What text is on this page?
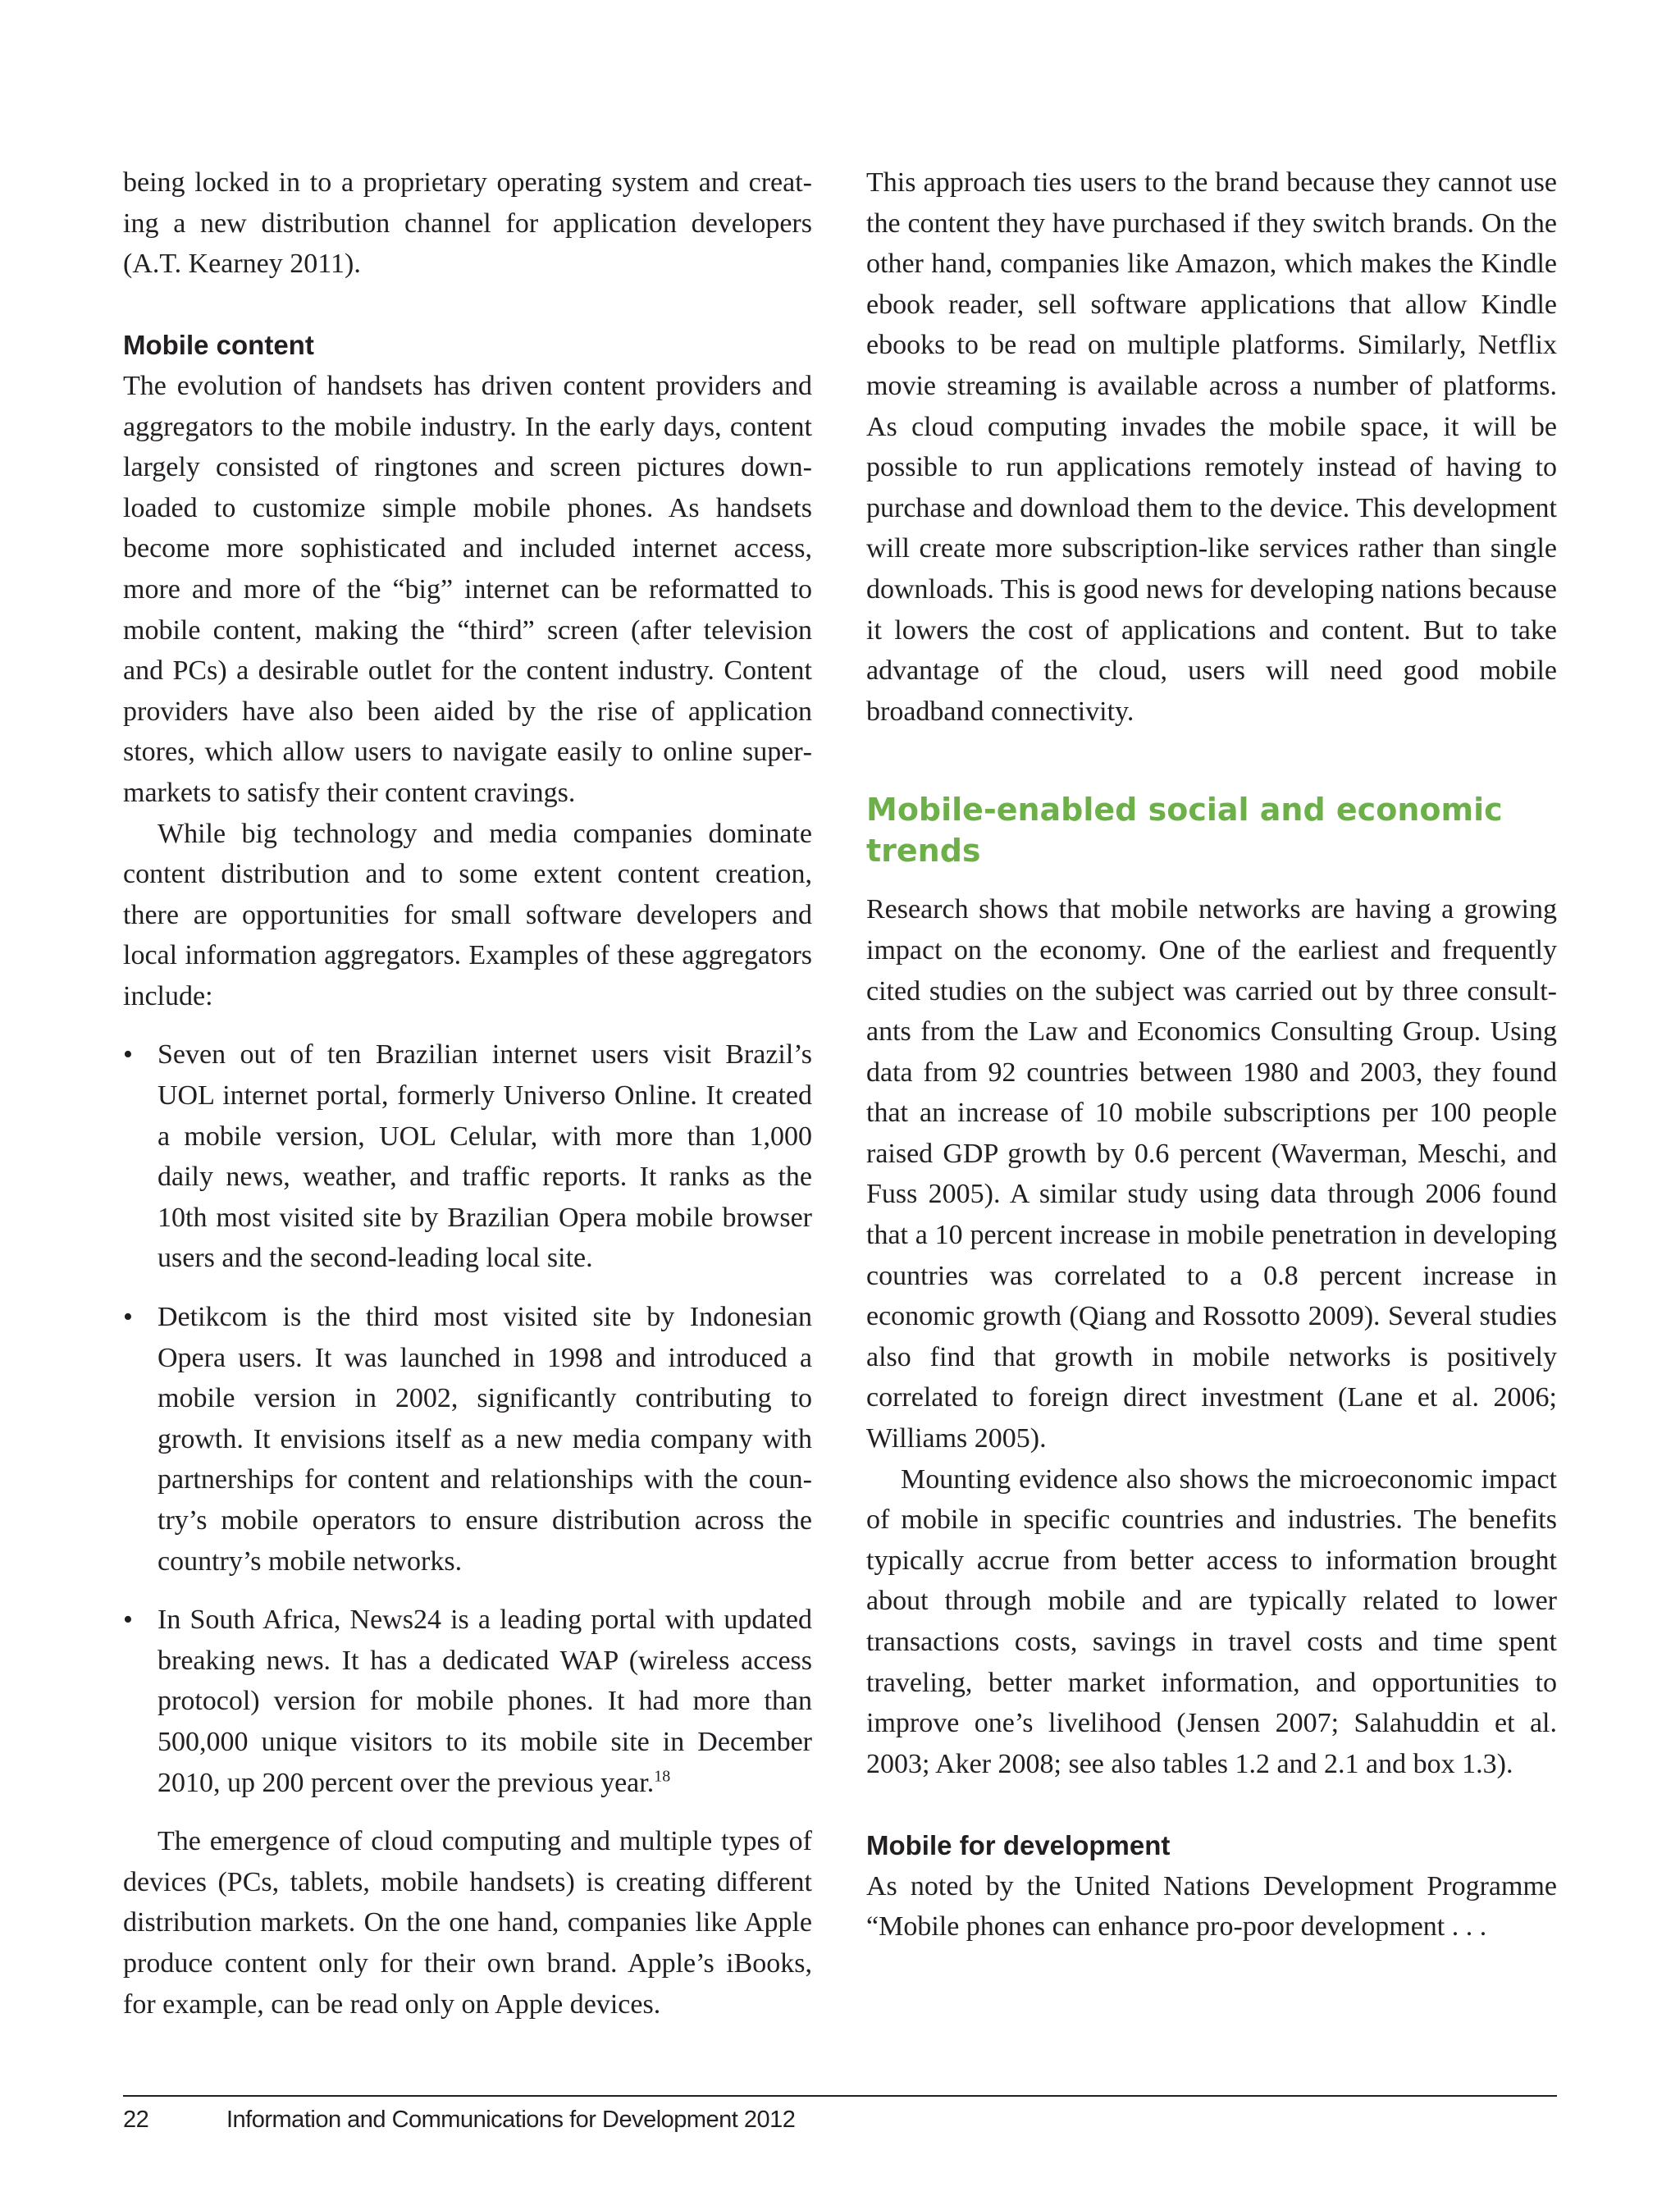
being locked in to a proprietary operating system and creating a new distribution channel for application developers (A.T. Kearney 2011).

Mobile content

The evolution of handsets has driven content providers and aggregators to the mobile industry. In the early days, content largely consisted of ringtones and screen pictures downloaded to customize simple mobile phones. As handsets become more sophisticated and included internet access, more and more of the “big” internet can be reformatted to mobile content, making the “third” screen (after television and PCs) a desirable outlet for the content industry. Content providers have also been aided by the rise of application stores, which allow users to navigate easily to online supermarkets to satisfy their content cravings.

While big technology and media companies dominate content distribution and to some extent content creation, there are opportunities for small software developers and local information aggregators. Examples of these aggregators include:

• Seven out of ten Brazilian internet users visit Brazil’s UOL internet portal, formerly Universo Online. It created a mobile version, UOL Celular, with more than 1,000 daily news, weather, and traffic reports. It ranks as the 10th most visited site by Brazilian Opera mobile browser users and the second-leading local site.
• Detikcom is the third most visited site by Indonesian Opera users. It was launched in 1998 and introduced a mobile version in 2002, significantly contributing to growth. It envisions itself as a new media company with partnerships for content and relationships with the country’s mobile operators to ensure distribution across the country’s mobile networks.
• In South Africa, News24 is a leading portal with updated breaking news. It has a dedicated WAP (wireless access protocol) version for mobile phones. It had more than 500,000 unique visitors to its mobile site in December 2010, up 200 percent over the previous year.$^{18}$

The emergence of cloud computing and multiple types of devices (PCs, tablets, mobile handsets) is creating different distribution markets. On the one hand, companies like Apple produce content only for their own brand. Apple’s iBooks, for example, can be read only on Apple devices.

This approach ties users to the brand because they cannot use the content they have purchased if they switch brands. On the other hand, companies like Amazon, which makes the Kindle ebook reader, sell software applications that allow Kindle ebooks to be read on multiple platforms. Similarly, Netflix movie streaming is available across a number of platforms. As cloud computing invades the mobile space, it will be possible to run applications remotely instead of having to purchase and download them to the device. This development will create more subscription-like services rather than single downloads. This is good news for developing nations because it lowers the cost of applications and content. But to take advantage of the cloud, users will need good mobile broadband connectivity.

Mobile-enabled social and economic trends

Research shows that mobile networks are having a growing impact on the economy. One of the earliest and frequently cited studies on the subject was carried out by three consultants from the Law and Economics Consulting Group. Using data from 92 countries between 1980 and 2003, they found that an increase of 10 mobile subscriptions per 100 people raised GDP growth by 0.6 percent (Waverman, Meschi, and Fuss 2005). A similar study using data through 2006 found that a 10 percent increase in mobile penetration in developing countries was correlated to a 0.8 percent increase in economic growth (Qiang and Rossotto 2009). Several studies also find that growth in mobile networks is positively correlated to foreign direct investment (Lane et al. 2006; Williams 2005).

Mounting evidence also shows the microeconomic impact of mobile in specific countries and industries. The benefits typically accrue from better access to information brought about through mobile and are typically related to lower transactions costs, savings in travel costs and time spent traveling, better market information, and opportunities to improve one’s livelihood (Jensen 2007; Salahuddin et al. 2003; Aker 2008; see also tables 1.2 and 2.1 and box 1.3).

Mobile for development

As noted by the United Nations Development Programme “Mobile phones can enhance pro-poor development . . .

22	Information and Communications for Development 2012
